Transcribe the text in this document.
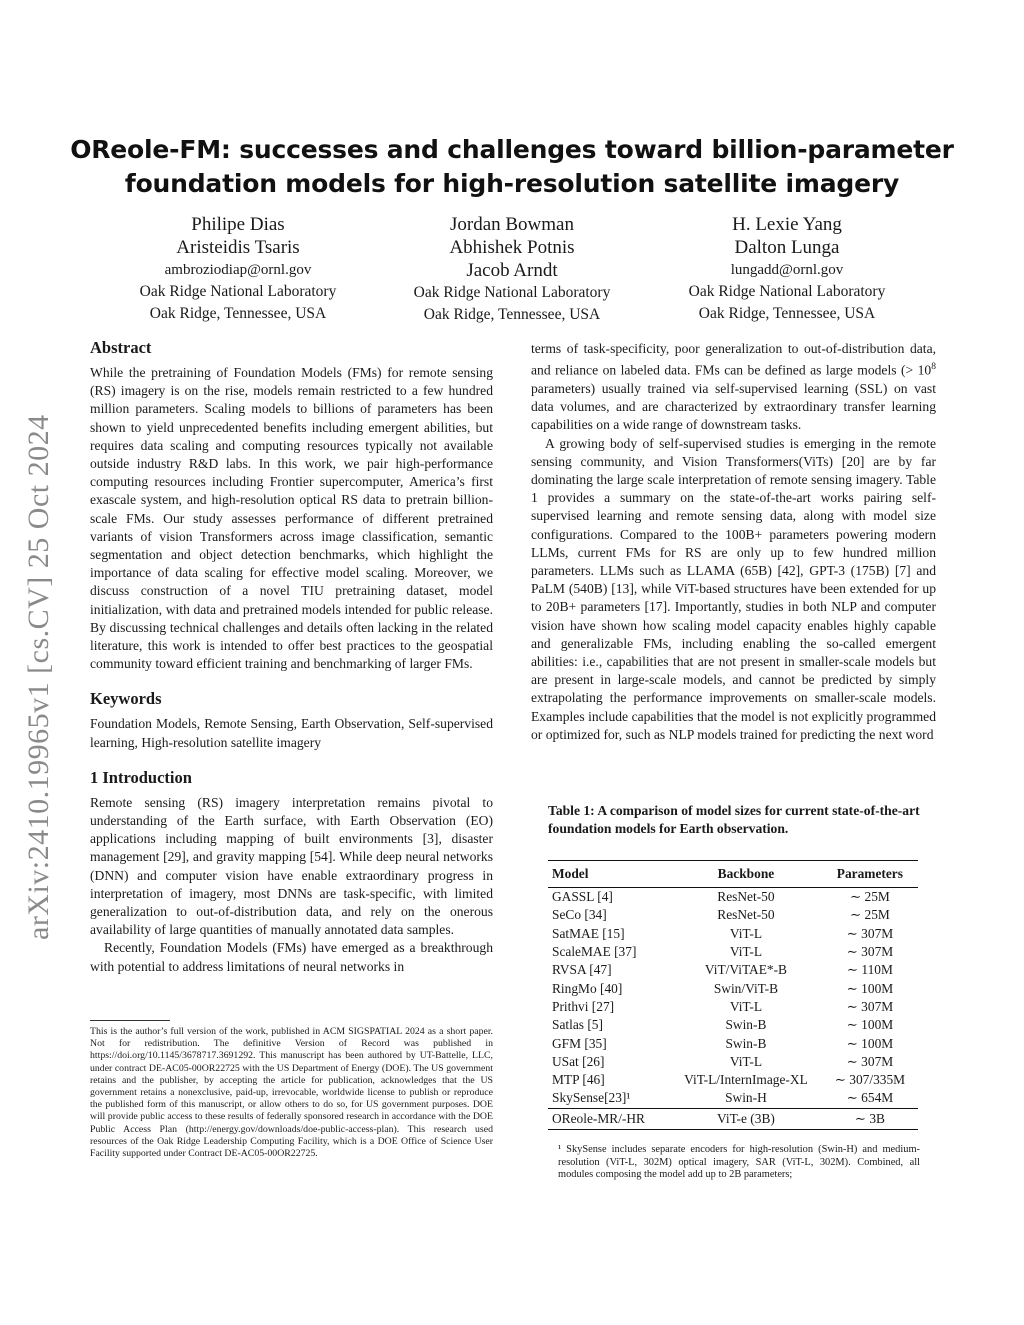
OReole-FM: successes and challenges toward billion-parameter
foundation models for high-resolution satellite imagery
arXiv:2410.19965v1 [cs.CV] 25 Oct 2024
Philipe Dias
Aristeidis Tsaris
ambroziodiap@ornl.gov
Oak Ridge National Laboratory
Oak Ridge, Tennessee, USA
Jordan Bowman
Abhishek Potnis
Jacob Arndt
Oak Ridge National Laboratory
Oak Ridge, Tennessee, USA
H. Lexie Yang
Dalton Lunga
lungadd@ornl.gov
Oak Ridge National Laboratory
Oak Ridge, Tennessee, USA
Abstract

While the pretraining of Foundation Models (FMs) for remote sensing (RS) imagery is on the rise, models remain restricted to a few hundred million parameters. Scaling models to billions of parameters has been shown to yield unprecedented benefits including emergent abilities, but requires data scaling and computing resources typically not available outside industry R&D labs. In this work, we pair high-performance computing resources including Frontier supercomputer, America’s first exascale system, and high-resolution optical RS data to pretrain billion-scale FMs. Our study assesses performance of different pretrained variants of vision Transformers across image classification, semantic segmentation and object detection benchmarks, which highlight the importance of data scaling for effective model scaling. Moreover, we discuss construction of a novel TIU pretraining dataset, model initialization, with data and pretrained models intended for public release. By discussing technical challenges and details often lacking in the related literature, this work is intended to offer best practices to the geospatial community toward efficient training and benchmarking of larger FMs.

Keywords

Foundation Models, Remote Sensing, Earth Observation, Self-supervised learning, High-resolution satellite imagery

1 Introduction

Remote sensing (RS) imagery interpretation remains pivotal to understanding of the Earth surface, with Earth Observation (EO) applications including mapping of built environments [3], disaster management [29], and gravity mapping [54]. While deep neural networks (DNN) and computer vision have enable extraordinary progress in interpretation of imagery, most DNNs are task-specific, with limited generalization to out-of-distribution data, and rely on the onerous availability of large quantities of manually annotated data samples.

Recently, Foundation Models (FMs) have emerged as a breakthrough with potential to address limitations of neural networks in

This is the author’s full version of the work, published in ACM SIGSPATIAL 2024 as a short paper. Not for redistribution. The definitive Version of Record was published in https://doi.org/10.1145/3678717.3691292. This manuscript has been authored by UT-Battelle, LLC, under contract DE-AC05-00OR22725 with the US Department of Energy (DOE). The US government retains and the publisher, by accepting the article for publication, acknowledges that the US government retains a nonexclusive, paid-up, irrevocable, worldwide license to publish or reproduce the published form of this manuscript, or allow others to do so, for US government purposes. DOE will provide public access to these results of federally sponsored research in accordance with the DOE Public Access Plan (http://energy.gov/downloads/doe-public-access-plan). This research used resources of the Oak Ridge Leadership Computing Facility, which is a DOE Office of Science User Facility supported under Contract DE-AC05-00OR22725.

terms of task-specificity, poor generalization to out-of-distribution data, and reliance on labeled data. FMs can be defined as large models (> $10^8$ parameters) usually trained via self-supervised learning (SSL) on vast data volumes, and are characterized by extraordinary transfer learning capabilities on a wide range of downstream tasks.

A growing body of self-supervised studies is emerging in the remote sensing community, and Vision Transformers(ViTs) [20] are by far dominating the large scale interpretation of remote sensing imagery. Table 1 provides a summary on the state-of-the-art works pairing self-supervised learning and remote sensing data, along with model size configurations. Compared to the 100B+ parameters powering modern LLMs, current FMs for RS are only up to few hundred million parameters. LLMs such as LLAMA (65B) [42], GPT-3 (175B) [7] and PaLM (540B) [13], while ViT-based structures have been extended for up to 20B+ parameters [17]. Importantly, studies in both NLP and computer vision have shown how scaling model capacity enables highly capable and generalizable FMs, including enabling the so-called emergent abilities: i.e., capabilities that are not present in smaller-scale models but are present in large-scale models, and cannot be predicted by simply extrapolating the performance improvements on smaller-scale models. Examples include capabilities that the model is not explicitly programmed or optimized for, such as NLP models trained for predicting the next word

Table 1: A comparison of model sizes for current state-of-the-art foundation models for Earth observation.
Model	Backbone	Parameters
GASSL [4]	ResNet-50	∼ 25M
SeCo [34]	ResNet-50	∼ 25M
SatMAE [15]	ViT-L	∼ 307M
ScaleMAE [37]	ViT-L	∼ 307M
RVSA [47]	ViT/ViTAE*-B	∼ 110M
RingMo [40]	Swin/ViT-B	∼ 100M
Prithvi [27]	ViT-L	∼ 307M
Satlas [5]	Swin-B	∼ 100M
GFM [35]	Swin-B	∼ 100M
USat [26]	ViT-L	∼ 307M
MTP [46]	ViT-L/InternImage-XL	∼ 307/335M
SkySense[23]¹	Swin-H	∼ 654M
OReole-MR/-HR	ViT-e (3B)	∼ 3B
¹ SkySense includes separate encoders for high-resolution (Swin-H) and medium-resolution (ViT-L, 302M) optical imagery, SAR (ViT-L, 302M). Combined, all modules composing the model add up to 2B parameters;
